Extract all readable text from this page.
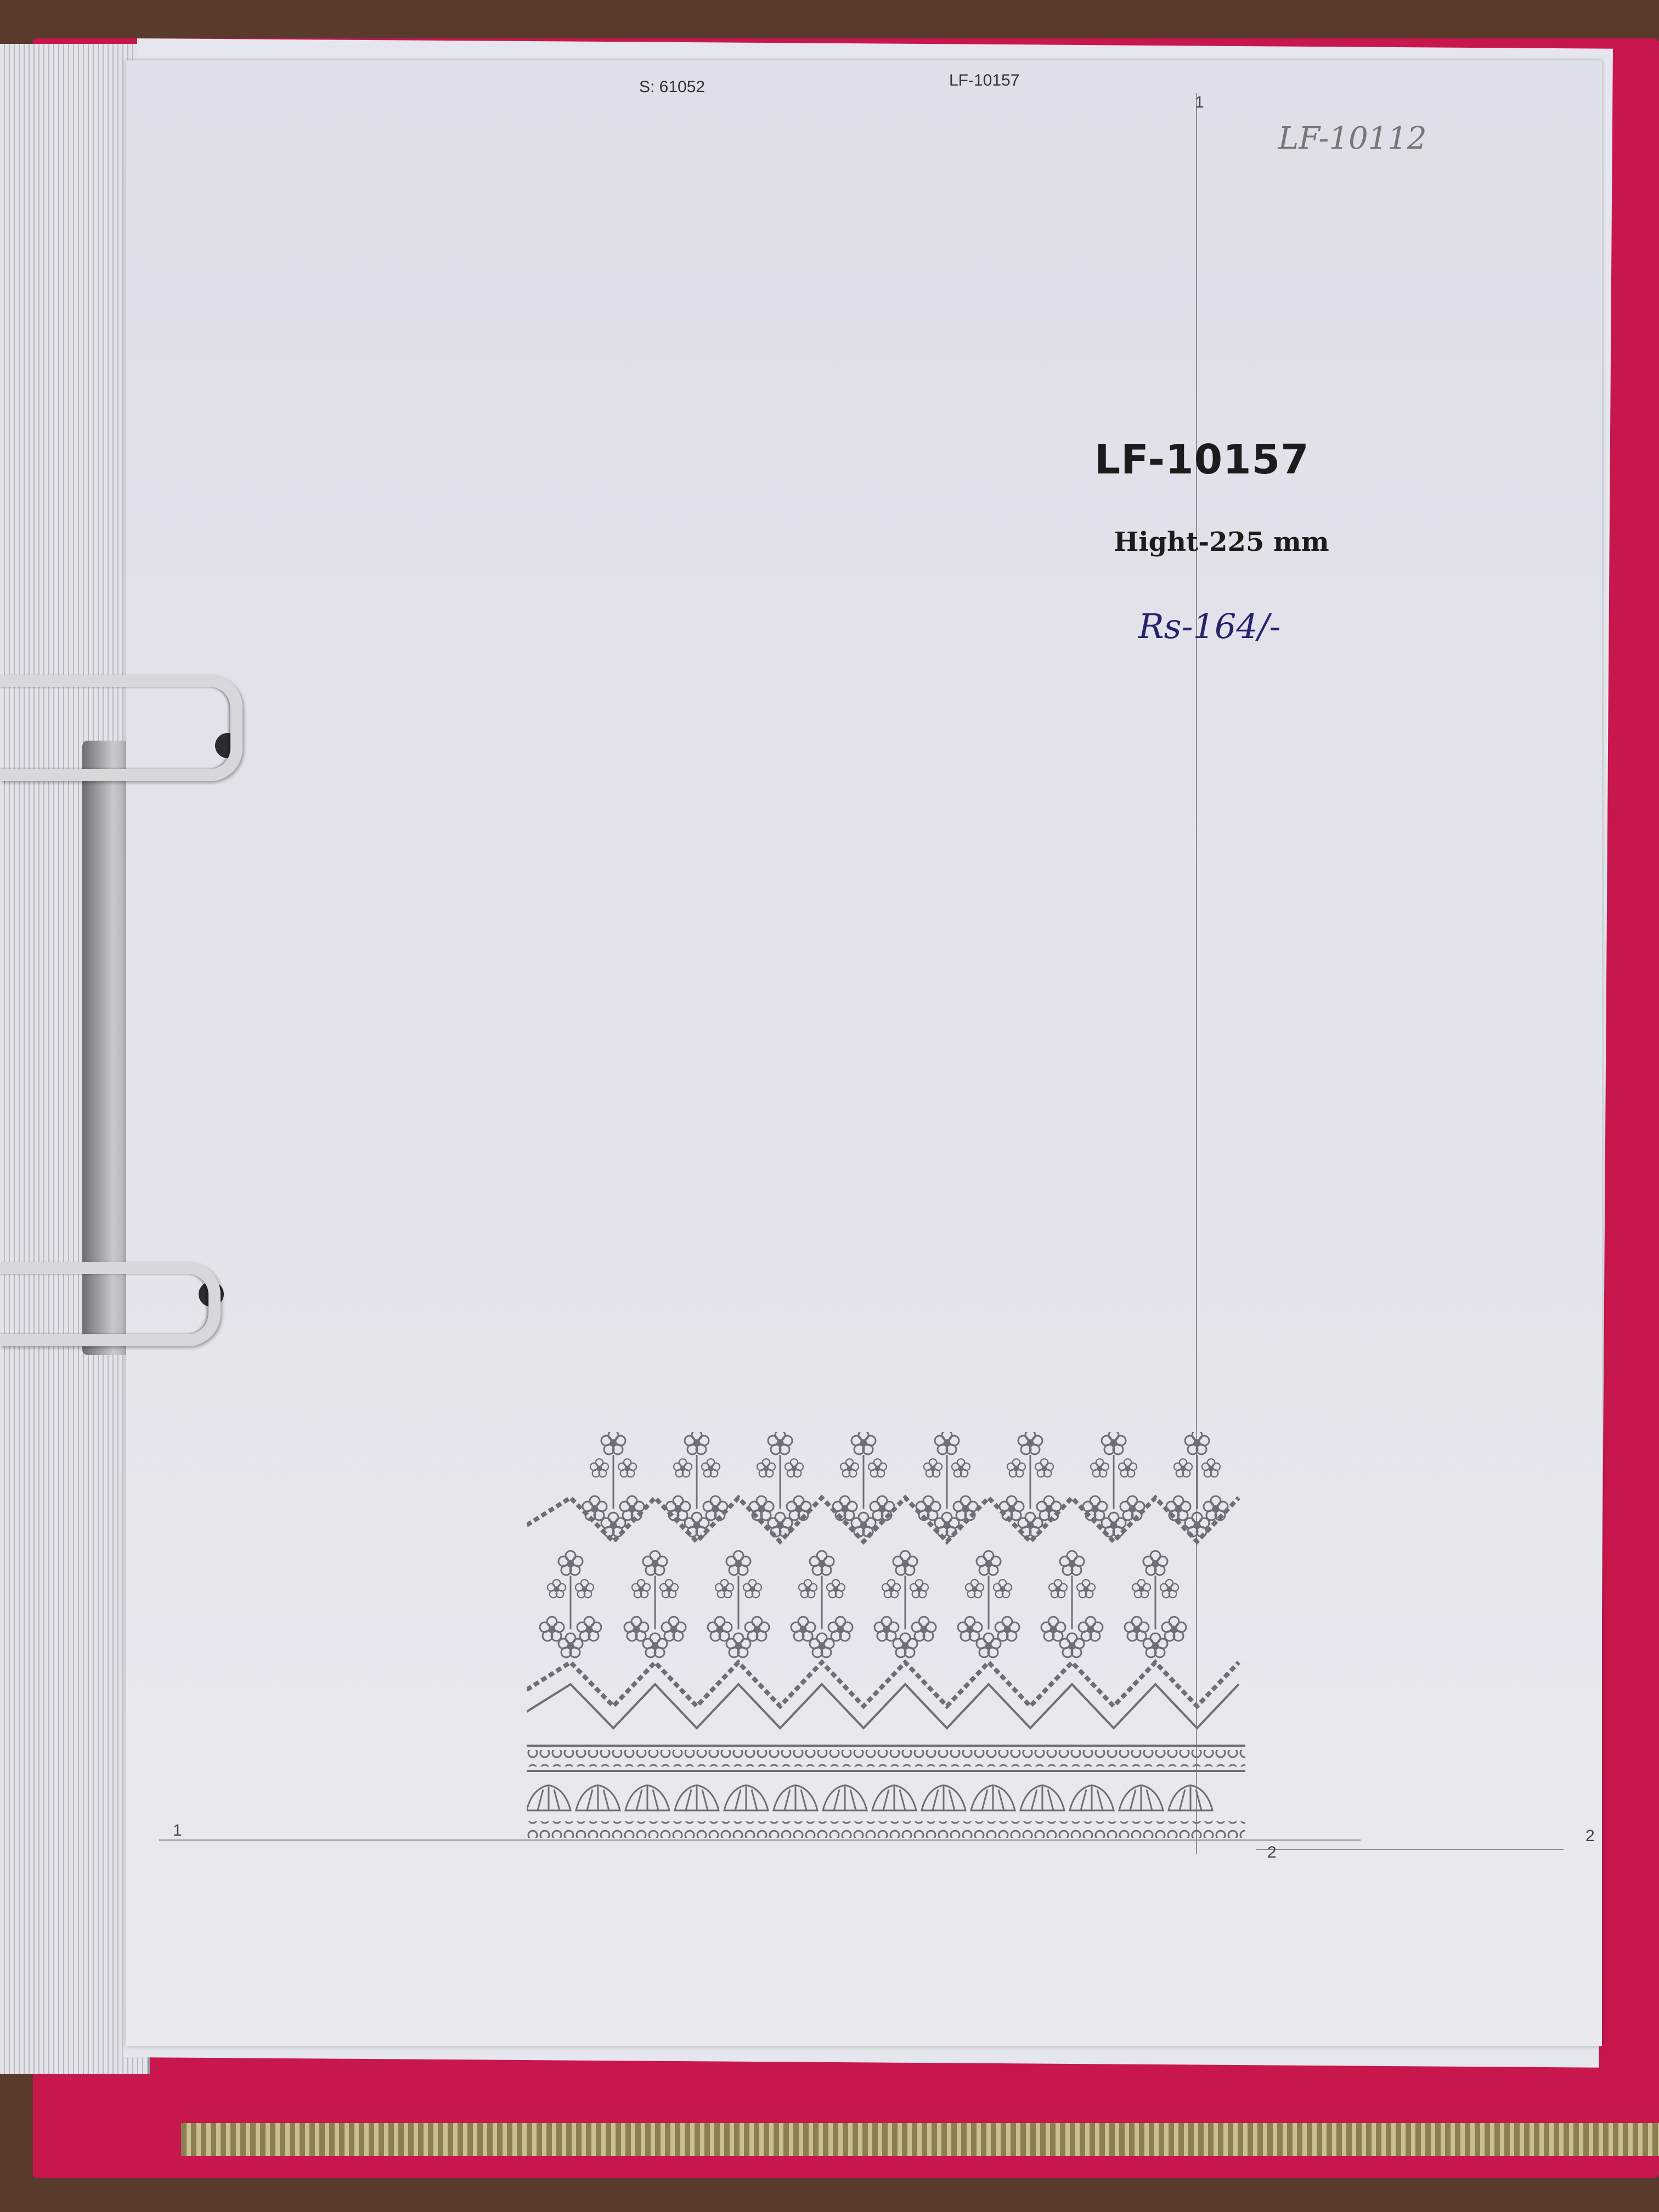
S: 61052	LF-10157
1
1
2
2
LF-10112
LF-10157
Hight-225 mm
Rs-164/-
